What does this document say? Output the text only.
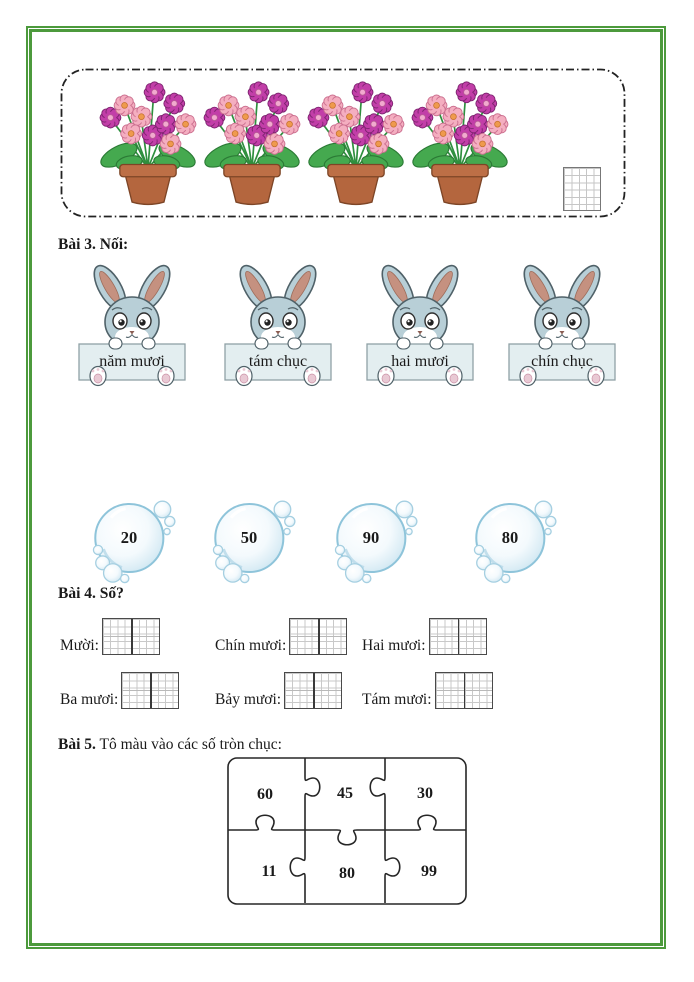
Bài 3. Nối:
năm mươi	tám chục	hai mươi	chín chục
20	50	90	80
Bài 4. Số?
Mười:	Chín mươi:	Hai mươi:
Ba mươi:	Bảy mươi:	Tám mươi:
Bài 5. Tô màu vào các số tròn chục:
60	45	30
11	80	99
